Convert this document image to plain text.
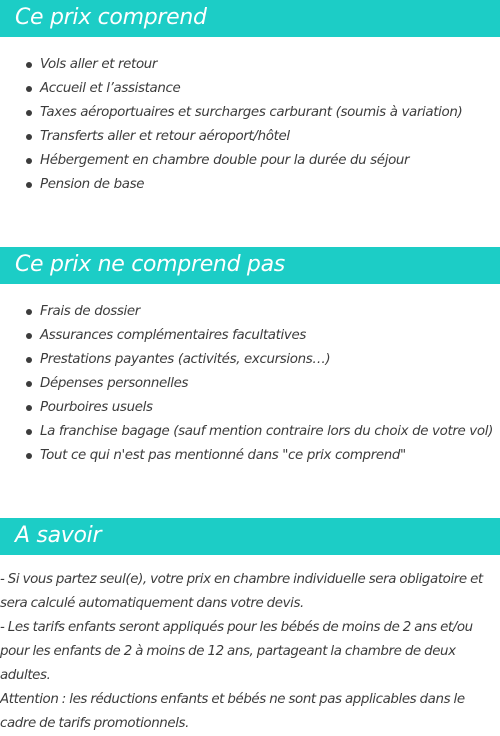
Ce prix comprend
Vols aller et retour
Accueil et l’assistance
Taxes aéroportuaires et surcharges carburant (soumis à variation)
Transferts aller et retour aéroport/hôtel
Hébergement en chambre double pour la durée du séjour
Pension de base
Ce prix ne comprend pas
Frais de dossier
Assurances complémentaires facultatives
Prestations payantes (activités, excursions…)
Dépenses personnelles
Pourboires usuels
La franchise bagage (sauf mention contraire lors du choix de votre vol)
Tout ce qui n'est pas mentionné dans "ce prix comprend"
A savoir

- Si vous partez seul(e), votre prix en chambre individuelle sera obligatoire et sera calculé automatiquement dans votre devis.

- Les tarifs enfants seront appliqués pour les bébés de moins de 2 ans et/ou pour les enfants de 2 à moins de 12 ans, partageant la chambre de deux adultes.

Attention : les réductions enfants et bébés ne sont pas applicables dans le cadre de tarifs promotionnels.
